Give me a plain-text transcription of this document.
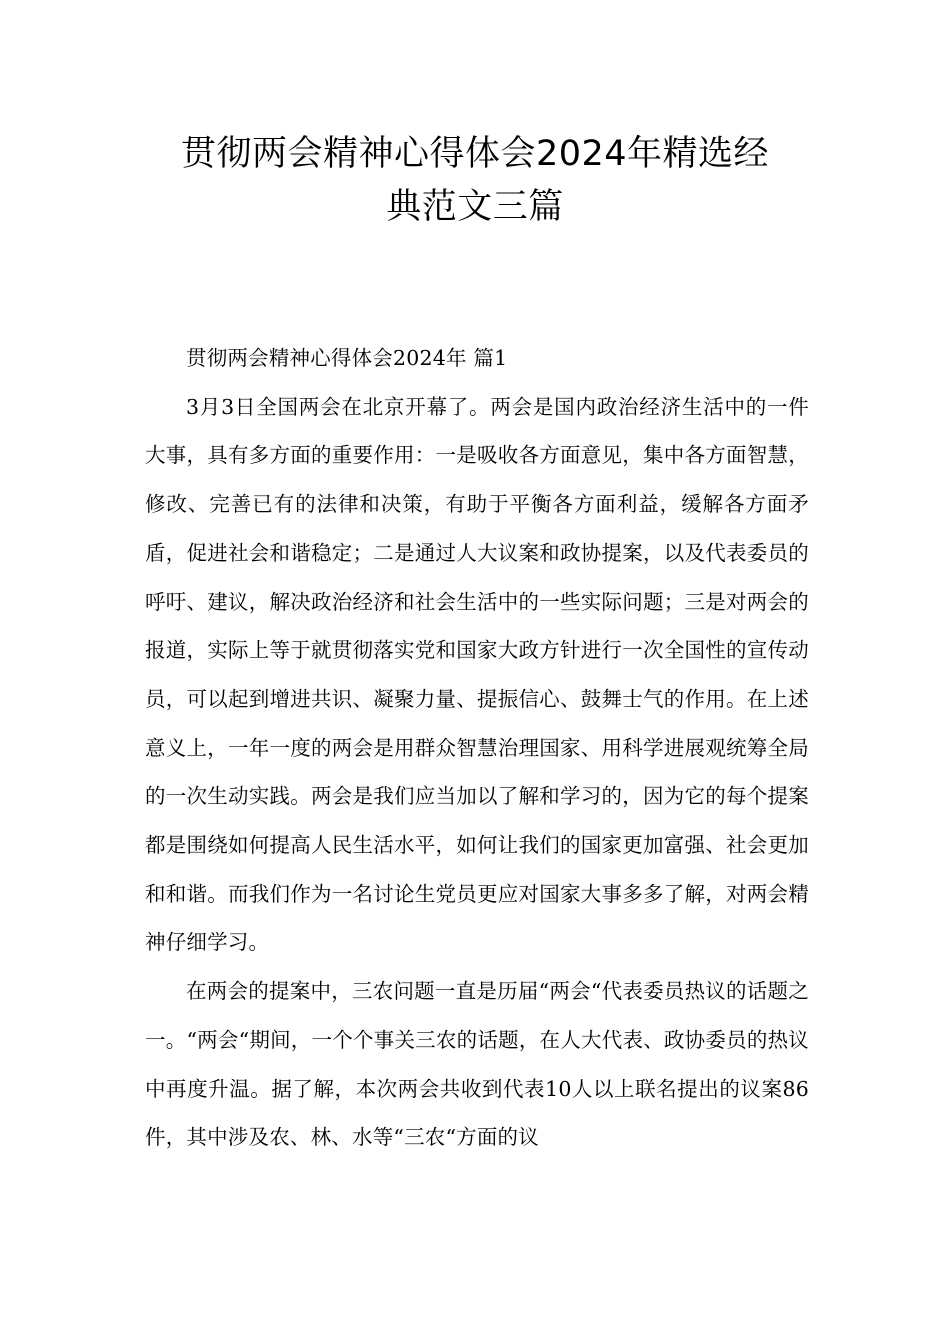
贯彻两会精神心得体会2024年精选经
典范文三篇

贯彻两会精神心得体会2024年 篇1

3月3日全国两会在北京开幕了。两会是国内政治经济生活中的一件大事，具有多方面的重要作用：一是吸收各方面意见，集中各方面智慧，修改、完善已有的法律和决策，有助于平衡各方面利益，缓解各方面矛盾，促进社会和谐稳定；二是通过人大议案和政协提案，以及代表委员的呼吁、建议，解决政治经济和社会生活中的一些实际问题；三是对两会的报道，实际上等于就贯彻落实党和国家大政方针进行一次全国性的宣传动员，可以起到增进共识、凝聚力量、提振信心、鼓舞士气的作用。在上述意义上，一年一度的两会是用群众智慧治理国家、用科学进展观统筹全局的一次生动实践。两会是我们应当加以了解和学习的，因为它的每个提案都是围绕如何提高人民生活水平，如何让我们的国家更加富强、社会更加和和谐。而我们作为一名讨论生党员更应对国家大事多多了解，对两会精神仔细学习。

在两会的提案中，三农问题一直是历届“两会“代表委员热议的话题之一。“两会“期间，一个个事关三农的话题，在人大代表、政协委员的热议中再度升温。据了解，本次两会共收到代表10人以上联名提出的议案86件，其中涉及农、林、水等“三农“方面的议
